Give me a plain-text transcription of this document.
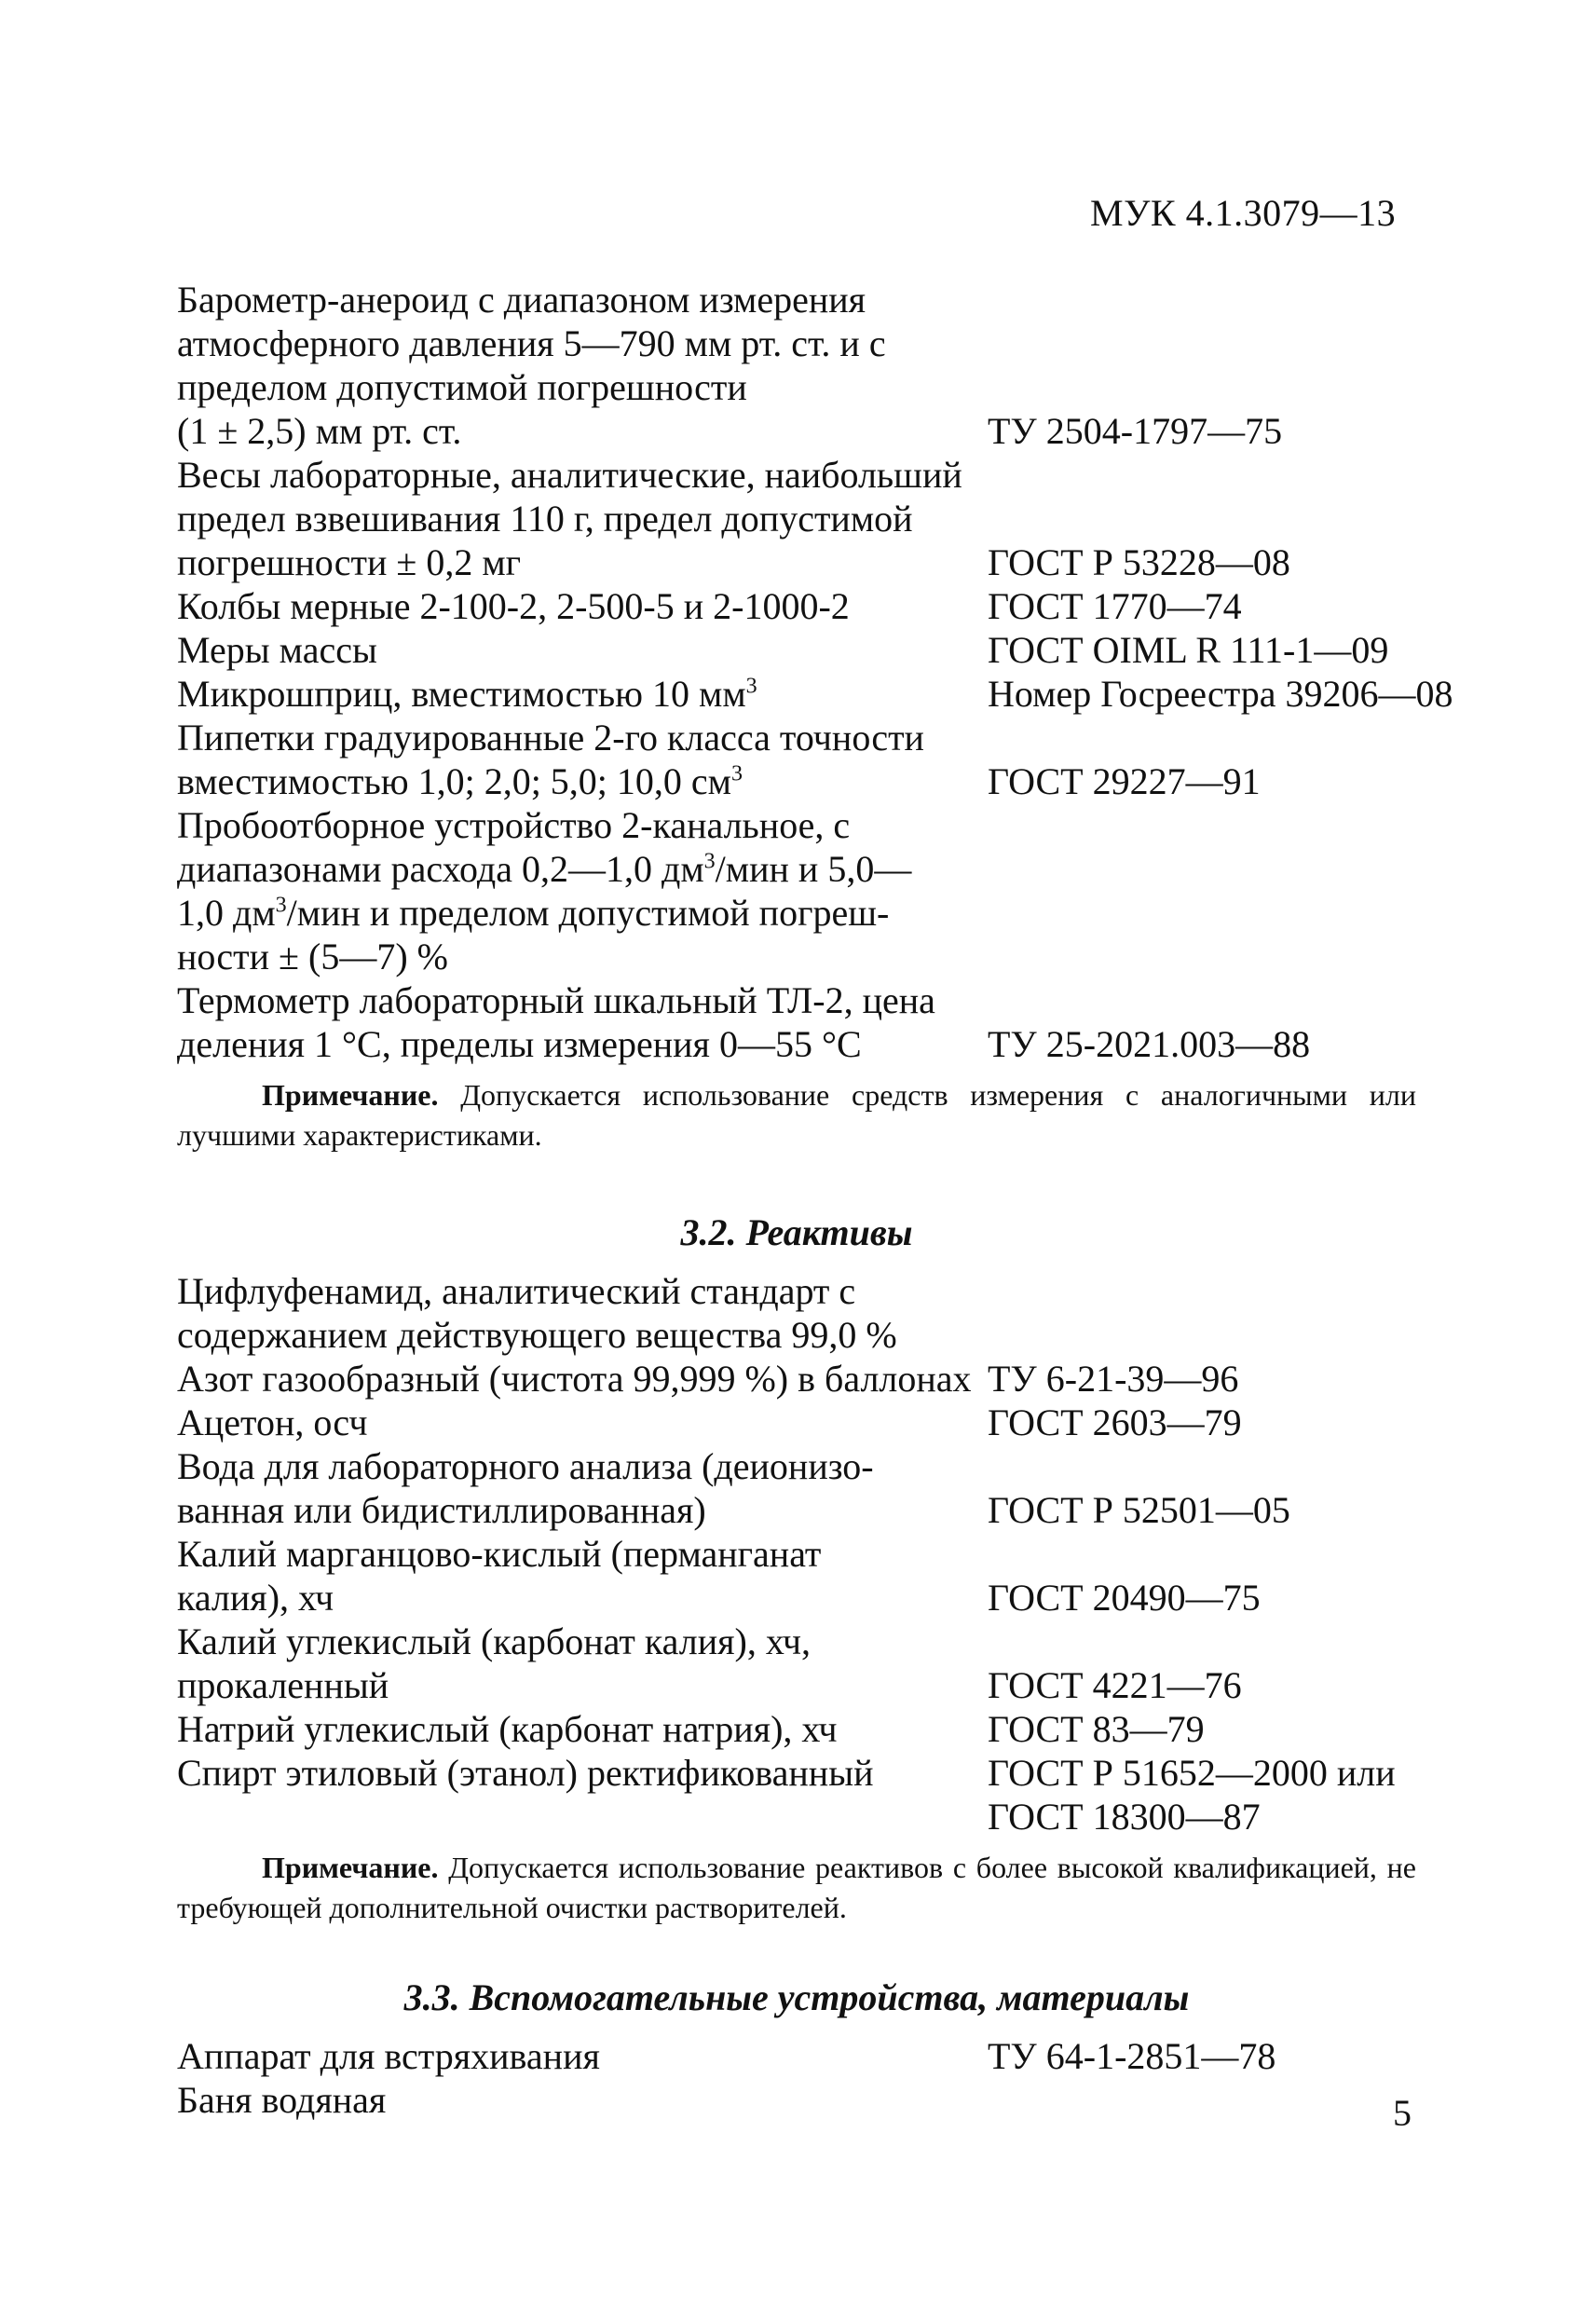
МУК 4.1.3079—13
Барометр-анероид с диапазоном измерения
атмосферного давления 5—790 мм рт. ст. и с
пределом допустимой погрешности
(1 ± 2,5) мм рт. ст.	ТУ 2504-1797—75
Весы лабораторные, аналитические, наибольший
предел взвешивания 110 г, предел допустимой
погрешности ± 0,2 мг	ГОСТ Р 53228—08
Колбы мерные 2-100-2, 2-500-5 и 2-1000-2	ГОСТ 1770—74
Меры массы	ГОСТ OIML R 111-1—09
Микрошприц, вместимостью 10 $мм^3$	Номер Госреестра 39206—08
Пипетки градуированные 2-го класса точности
вместимостью 1,0; 2,0; 5,0; 10,0 $см^3$	ГОСТ 29227—91
Пробоотборное устройство 2-канальное, с
диапазонами расхода 0,2—1,0 $дм^3$/мин и 5,0—
1,0 $дм^3$/мин и пределом допустимой погреш-
ности ± (5—7) %
Термометр лабораторный шкальный ТЛ-2, цена
деления 1 °С, пределы измерения 0—55 °С	ТУ 25-2021.003—88

Примечание. Допускается использование средств измерения с аналогичными или лучшими характеристиками.

3.2. Реактивы
Цифлуфенамид, аналитический стандарт с
содержанием действующего вещества 99,0 %
Азот газообразный (чистота 99,999 %) в баллонах ТУ 6-21-39—96
Ацетон, осч	ГОСТ 2603—79
Вода для лабораторного анализа (деионизо-
ванная или бидистиллированная)	ГОСТ Р 52501—05
Калий марганцово-кислый (перманганат
калия), хч	ГОСТ 20490—75
Калий углекислый (карбонат калия), хч,
прокаленный	ГОСТ 4221—76
Натрий углекислый (карбонат натрия), хч	ГОСТ 83—79
Спирт этиловый (этанол) ректификованный	ГОСТ Р 51652—2000 или
ГОСТ 18300—87

Примечание. Допускается использование реактивов с более высокой квалификацией, не требующей дополнительной очистки растворителей.

3.3. Вспомогательные устройства, материалы
Аппарат для встряхивания	ТУ 64-1-2851—78
Баня водяная	5
